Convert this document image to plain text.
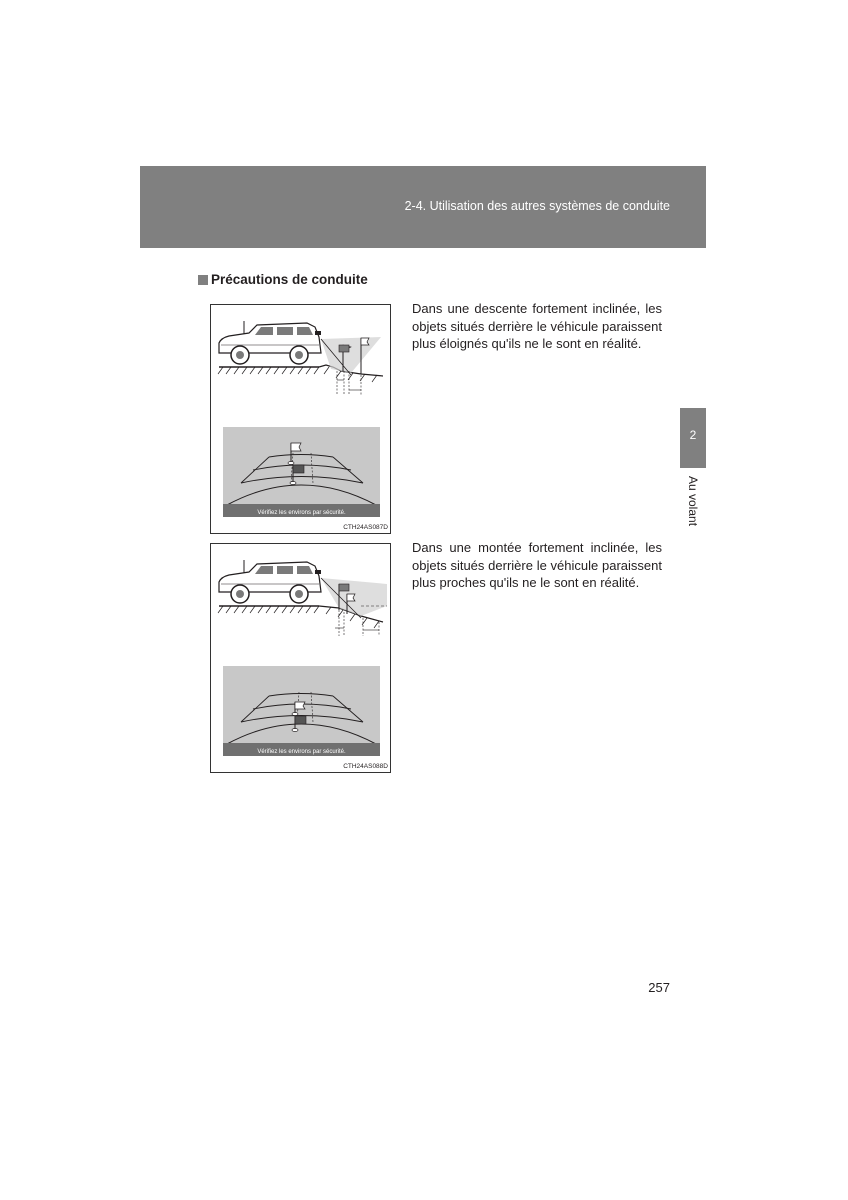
2-4. Utilisation des autres systèmes de conduite
Précautions de conduite
Vérifiez les environs par sécurité.
CTH24AS087D
Dans une descente fortement inclinée, les objets situés derrière le véhicule paraissent plus éloignés qu'ils ne le sont en réalité.
Vérifiez les environs par sécurité.
CTH24AS088D
Dans une montée fortement inclinée, les objets situés derrière le véhicule paraissent plus proches qu'ils ne le sont en réalité.
2
Au volant
257
